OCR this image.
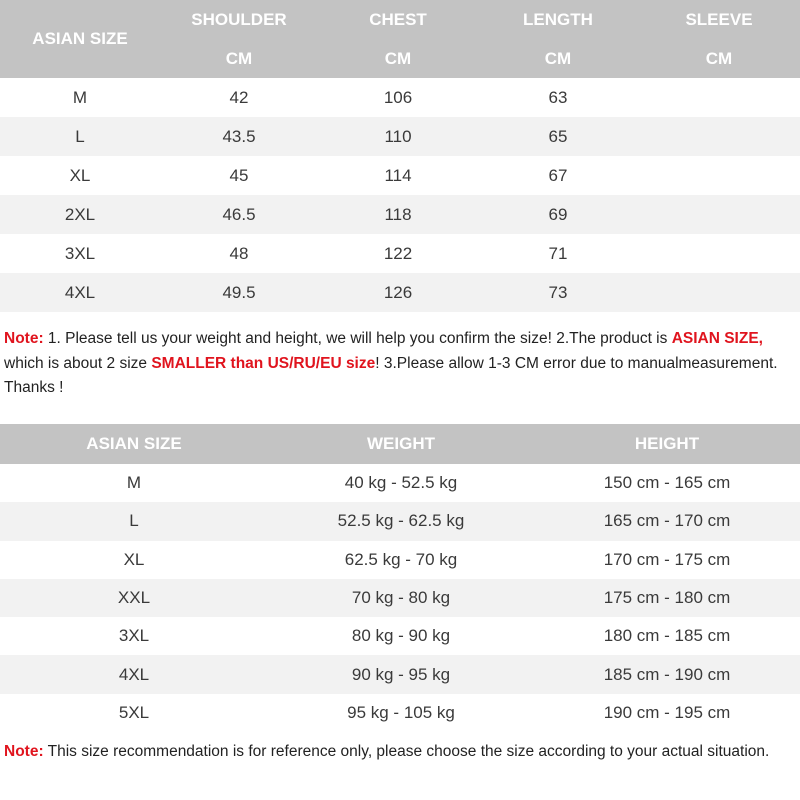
ASIAN SIZE	SHOULDER	CHEST	LENGTH	SLEEVE
	CM	CM	CM	CM
M	42	106	63	
L	43.5	110	65	
XL	45	114	67	
2XL	46.5	118	69	
3XL	48	122	71	
4XL	49.5	126	73	
Note: 1. Please tell us your weight and height, we will help you confirm the size! 2.The product is ASIAN SIZE, which is about 2 size SMALLER than US/RU/EU size! 3.Please allow 1-3 CM error due to manualmeasurement. Thanks !
ASIAN SIZE	WEIGHT	HEIGHT
M	40 kg - 52.5 kg	150 cm - 165 cm
L	52.5 kg - 62.5 kg	165 cm - 170 cm
XL	62.5 kg - 70 kg	170 cm - 175 cm
XXL	70 kg - 80 kg	175 cm - 180 cm
3XL	80 kg - 90 kg	180 cm - 185 cm
4XL	90 kg - 95 kg	185 cm - 190 cm
5XL	95 kg - 105 kg	190 cm - 195 cm
Note: This size recommendation is for reference only, please choose the size according to your actual situation.
